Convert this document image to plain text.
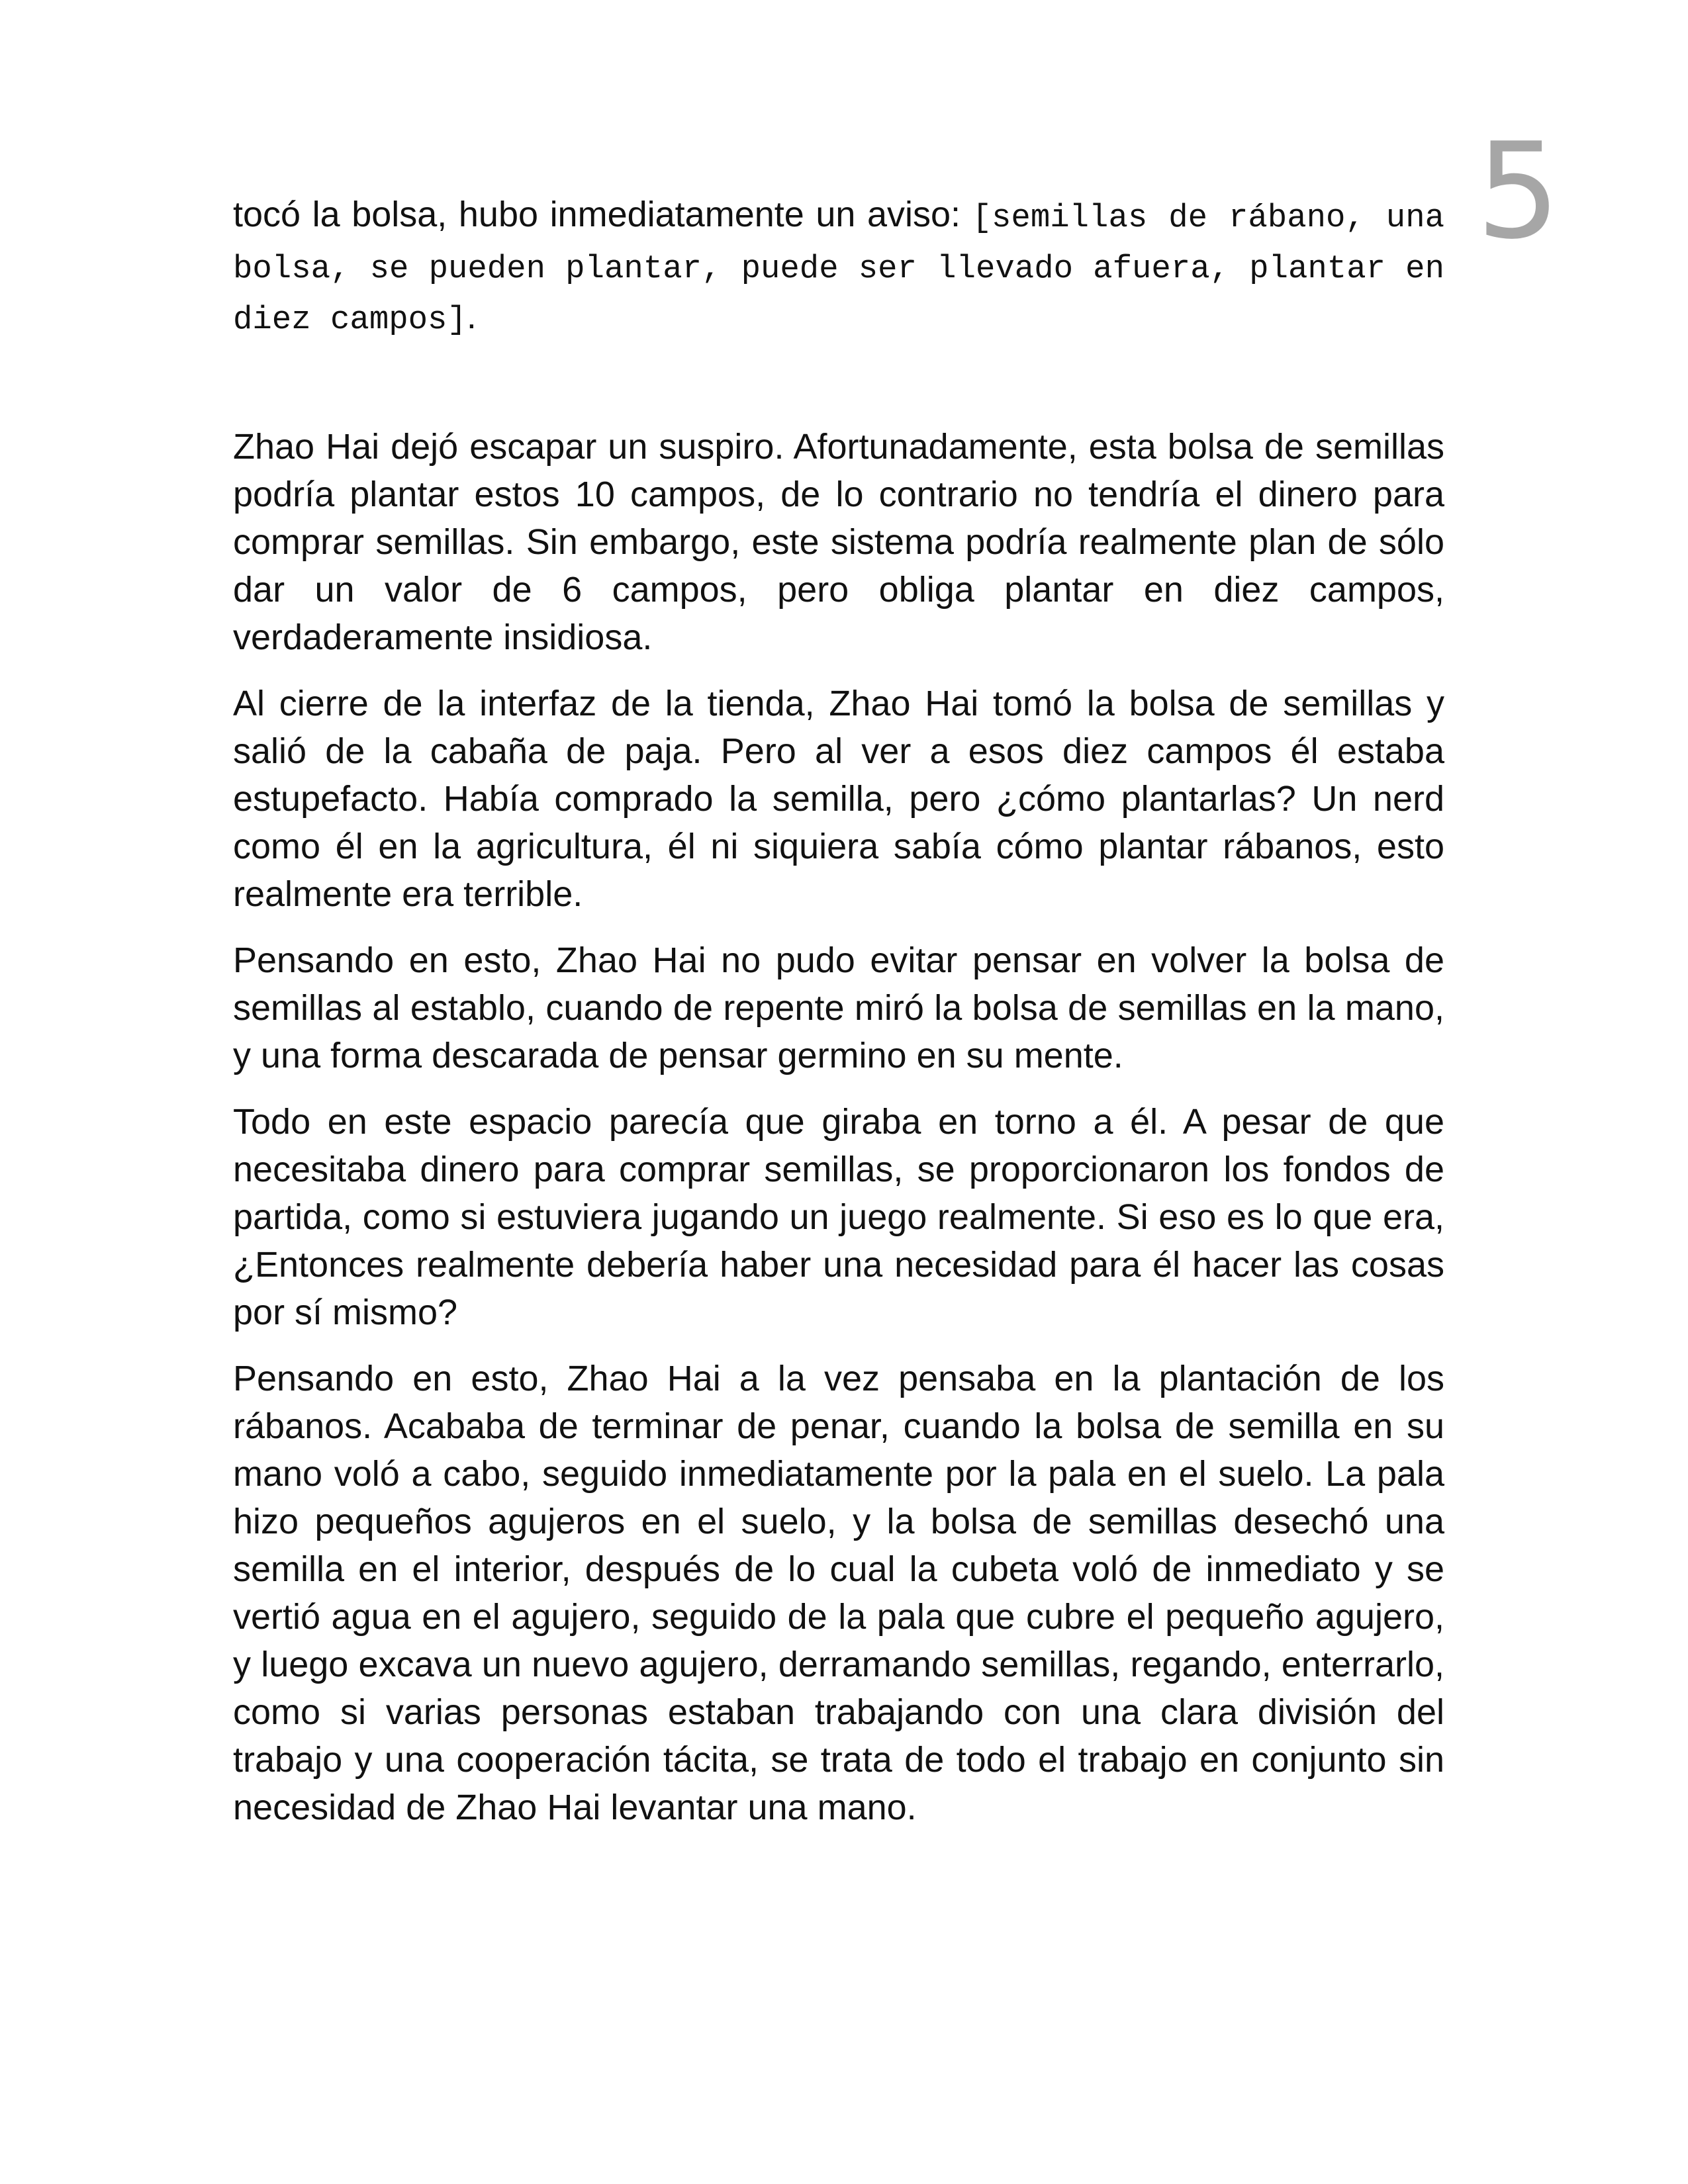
5

tocó la bolsa, hubo inmediatamente un aviso: [semillas de rábano, una bolsa, se pueden plantar, puede ser llevado afuera, plantar en diez campos].

Zhao Hai dejó escapar un suspiro. Afortunadamente, esta bolsa de semillas podría plantar estos 10 campos, de lo contrario no tendría el dinero para comprar semillas. Sin embargo, este sistema podría realmente plan de sólo dar un valor de 6 campos, pero obliga plantar en diez campos, verdaderamente insidiosa.

Al cierre de la interfaz de la tienda, Zhao Hai tomó la bolsa de semillas y salió de la cabaña de paja. Pero al ver a esos diez campos él estaba estupefacto. Había comprado la semilla, pero ¿cómo plantarlas? Un nerd como él en la agricultura, él ni siquiera sabía cómo plantar rábanos, esto realmente era terrible.

Pensando en esto, Zhao Hai no pudo evitar pensar en volver la bolsa de semillas al establo, cuando de repente miró la bolsa de semillas en la mano, y una forma descarada de pensar germino en su mente.

Todo en este espacio parecía que giraba en torno a él. A pesar de que necesitaba dinero para comprar semillas, se proporcionaron los fondos de partida, como si estuviera jugando un juego realmente. Si eso es lo que era, ¿Entonces realmente debería haber una necesidad para él hacer las cosas por sí mismo?

Pensando en esto, Zhao Hai a la vez pensaba en la plantación de los rábanos. Acababa de terminar de penar, cuando la bolsa de semilla en su mano voló a cabo, seguido inmediatamente por la pala en el suelo. La pala hizo pequeños agujeros en el suelo, y la bolsa de semillas desechó una semilla en el interior, después de lo cual la cubeta voló de inmediato y se vertió agua en el agujero, seguido de la pala que cubre el pequeño agujero, y luego excava un nuevo agujero, derramando semillas, regando, enterrarlo, como si varias personas estaban trabajando con una clara división del trabajo y una cooperación tácita, se trata de todo el trabajo en conjunto sin necesidad de Zhao Hai levantar una mano.
